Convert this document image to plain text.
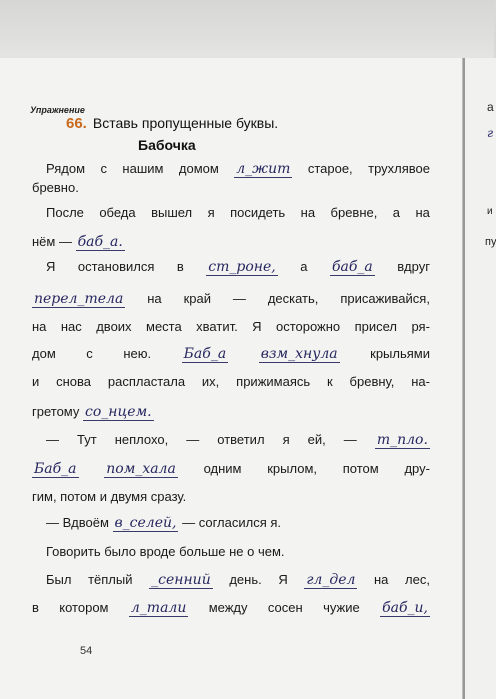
а
г
и
пу
Упражнение
66. Вставь пропущенные буквы.
Бабочка
Рядом с нашим домом л_жит старое, трухлявое
бревно.
После обеда вышел я посидеть на бревне, а на
нём — баб_а.
Я остановился в ст_роне, а баб_а вдруг
перел_тела на край — дескать, присаживайся,
на нас двоих места хватит. Я осторожно присел ря-
дом с нею. Баб_а взм_хнула	крыльями
и снова распластала их, прижимаясь к бревну, на-
гретому со_нцем.
— Тут неплохо, — ответил я ей, — т_пло.
Баб_а пом_хала одним крылом, потом дру-
гим, потом и двумя сразу.
— Вдвоём в_селей, — согласился я.
Говорить было вроде больше не о чем.
Был тёплый _сенний день. Я гл_дел на лес,
в котором л_тали между сосен чужие баб_и,
54
